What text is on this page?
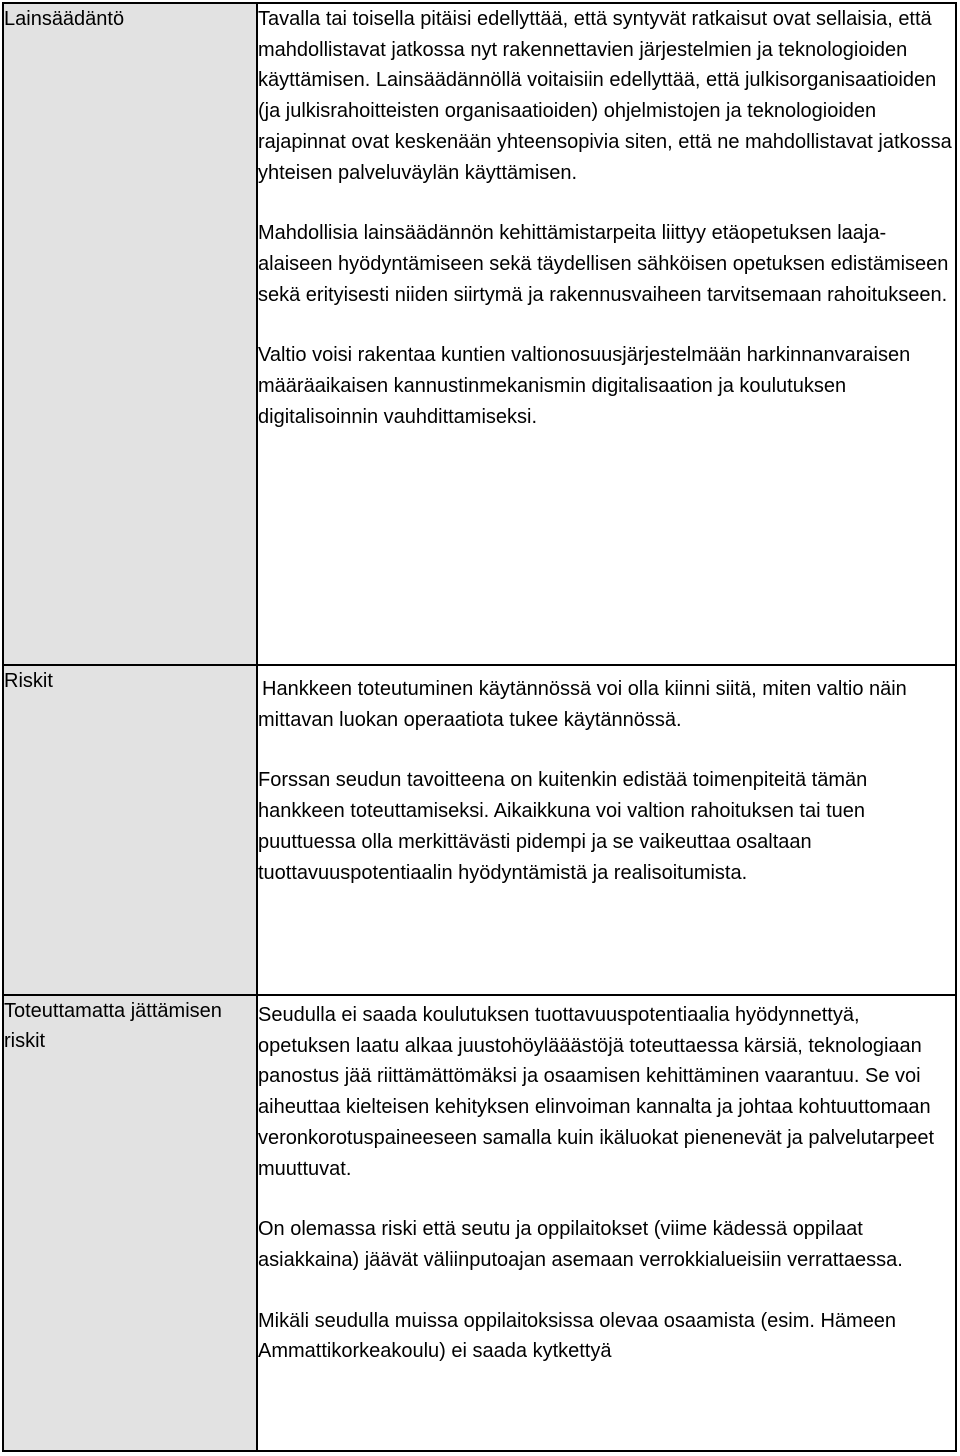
Lainsäädäntö	Tavalla tai toisella pitäisi edellyttää, että syntyvät ratkaisut ovat sellaisia, että mahdollistavat jatkossa nyt rakennettavien järjestelmien ja teknologioiden käyttämisen. Lainsäädännöllä voitaisiin edellyttää, että julkisorganisaatioiden (ja julkisrahoitteisten organisaatioiden) ohjelmistojen ja teknologioiden rajapinnat ovat keskenään yhteensopivia siten, että ne mahdollistavat jatkossa yhteisen palveluväylän käyttämisen.

Mahdollisia lainsäädännön kehittämistarpeita liittyy etäopetuksen laaja-alaiseen hyödyntämiseen sekä täydellisen sähköisen opetuksen edistämiseen sekä erityisesti niiden siirtymä ja rakennusvaiheen tarvitsemaan rahoitukseen.

Valtio voisi rakentaa kuntien valtionosuusjärjestelmään harkinnanvaraisen määräaikaisen kannustinmekanismin digitalisaation ja koulutuksen digitalisoinnin vauhdittamiseksi.

Riskit	Hankkeen toteutuminen käytännössä voi olla kiinni siitä, miten valtio näin mittavan luokan operaatiota tukee käytännössä.

Forssan seudun tavoitteena on kuitenkin edistää toimenpiteitä tämän hankkeen toteuttamiseksi. Aikaikkuna voi valtion rahoituksen tai tuen puuttuessa olla merkittävästi pidempi ja se vaikeuttaa osaltaan tuottavuuspotentiaalin hyödyntämistä ja realisoitumista.

Toteuttamatta jättämisen riskit	Seudulla ei saada koulutuksen tuottavuuspotentiaalia hyödynnettyä, opetuksen laatu alkaa juustohöylääästöjä toteuttaessa kärsiä, teknologiaan panostus jää riittämättömäksi ja osaamisen kehittäminen vaarantuu. Se voi aiheuttaa kielteisen kehityksen elinvoiman kannalta ja johtaa kohtuuttomaan veronkorotuspaineeseen samalla kuin ikäluokat pienenevät ja palvelutarpeet muuttuvat.

On olemassa riski että seutu ja oppilaitokset (viime kädessä oppilaat asiakkaina) jäävät väliinputoajan asemaan verrokkialueisiin verrattaessa.

Mikäli seudulla muissa oppilaitoksissa olevaa osaamista (esim. Hämeen Ammattikorkeakoulu) ei saada kytkettyä
